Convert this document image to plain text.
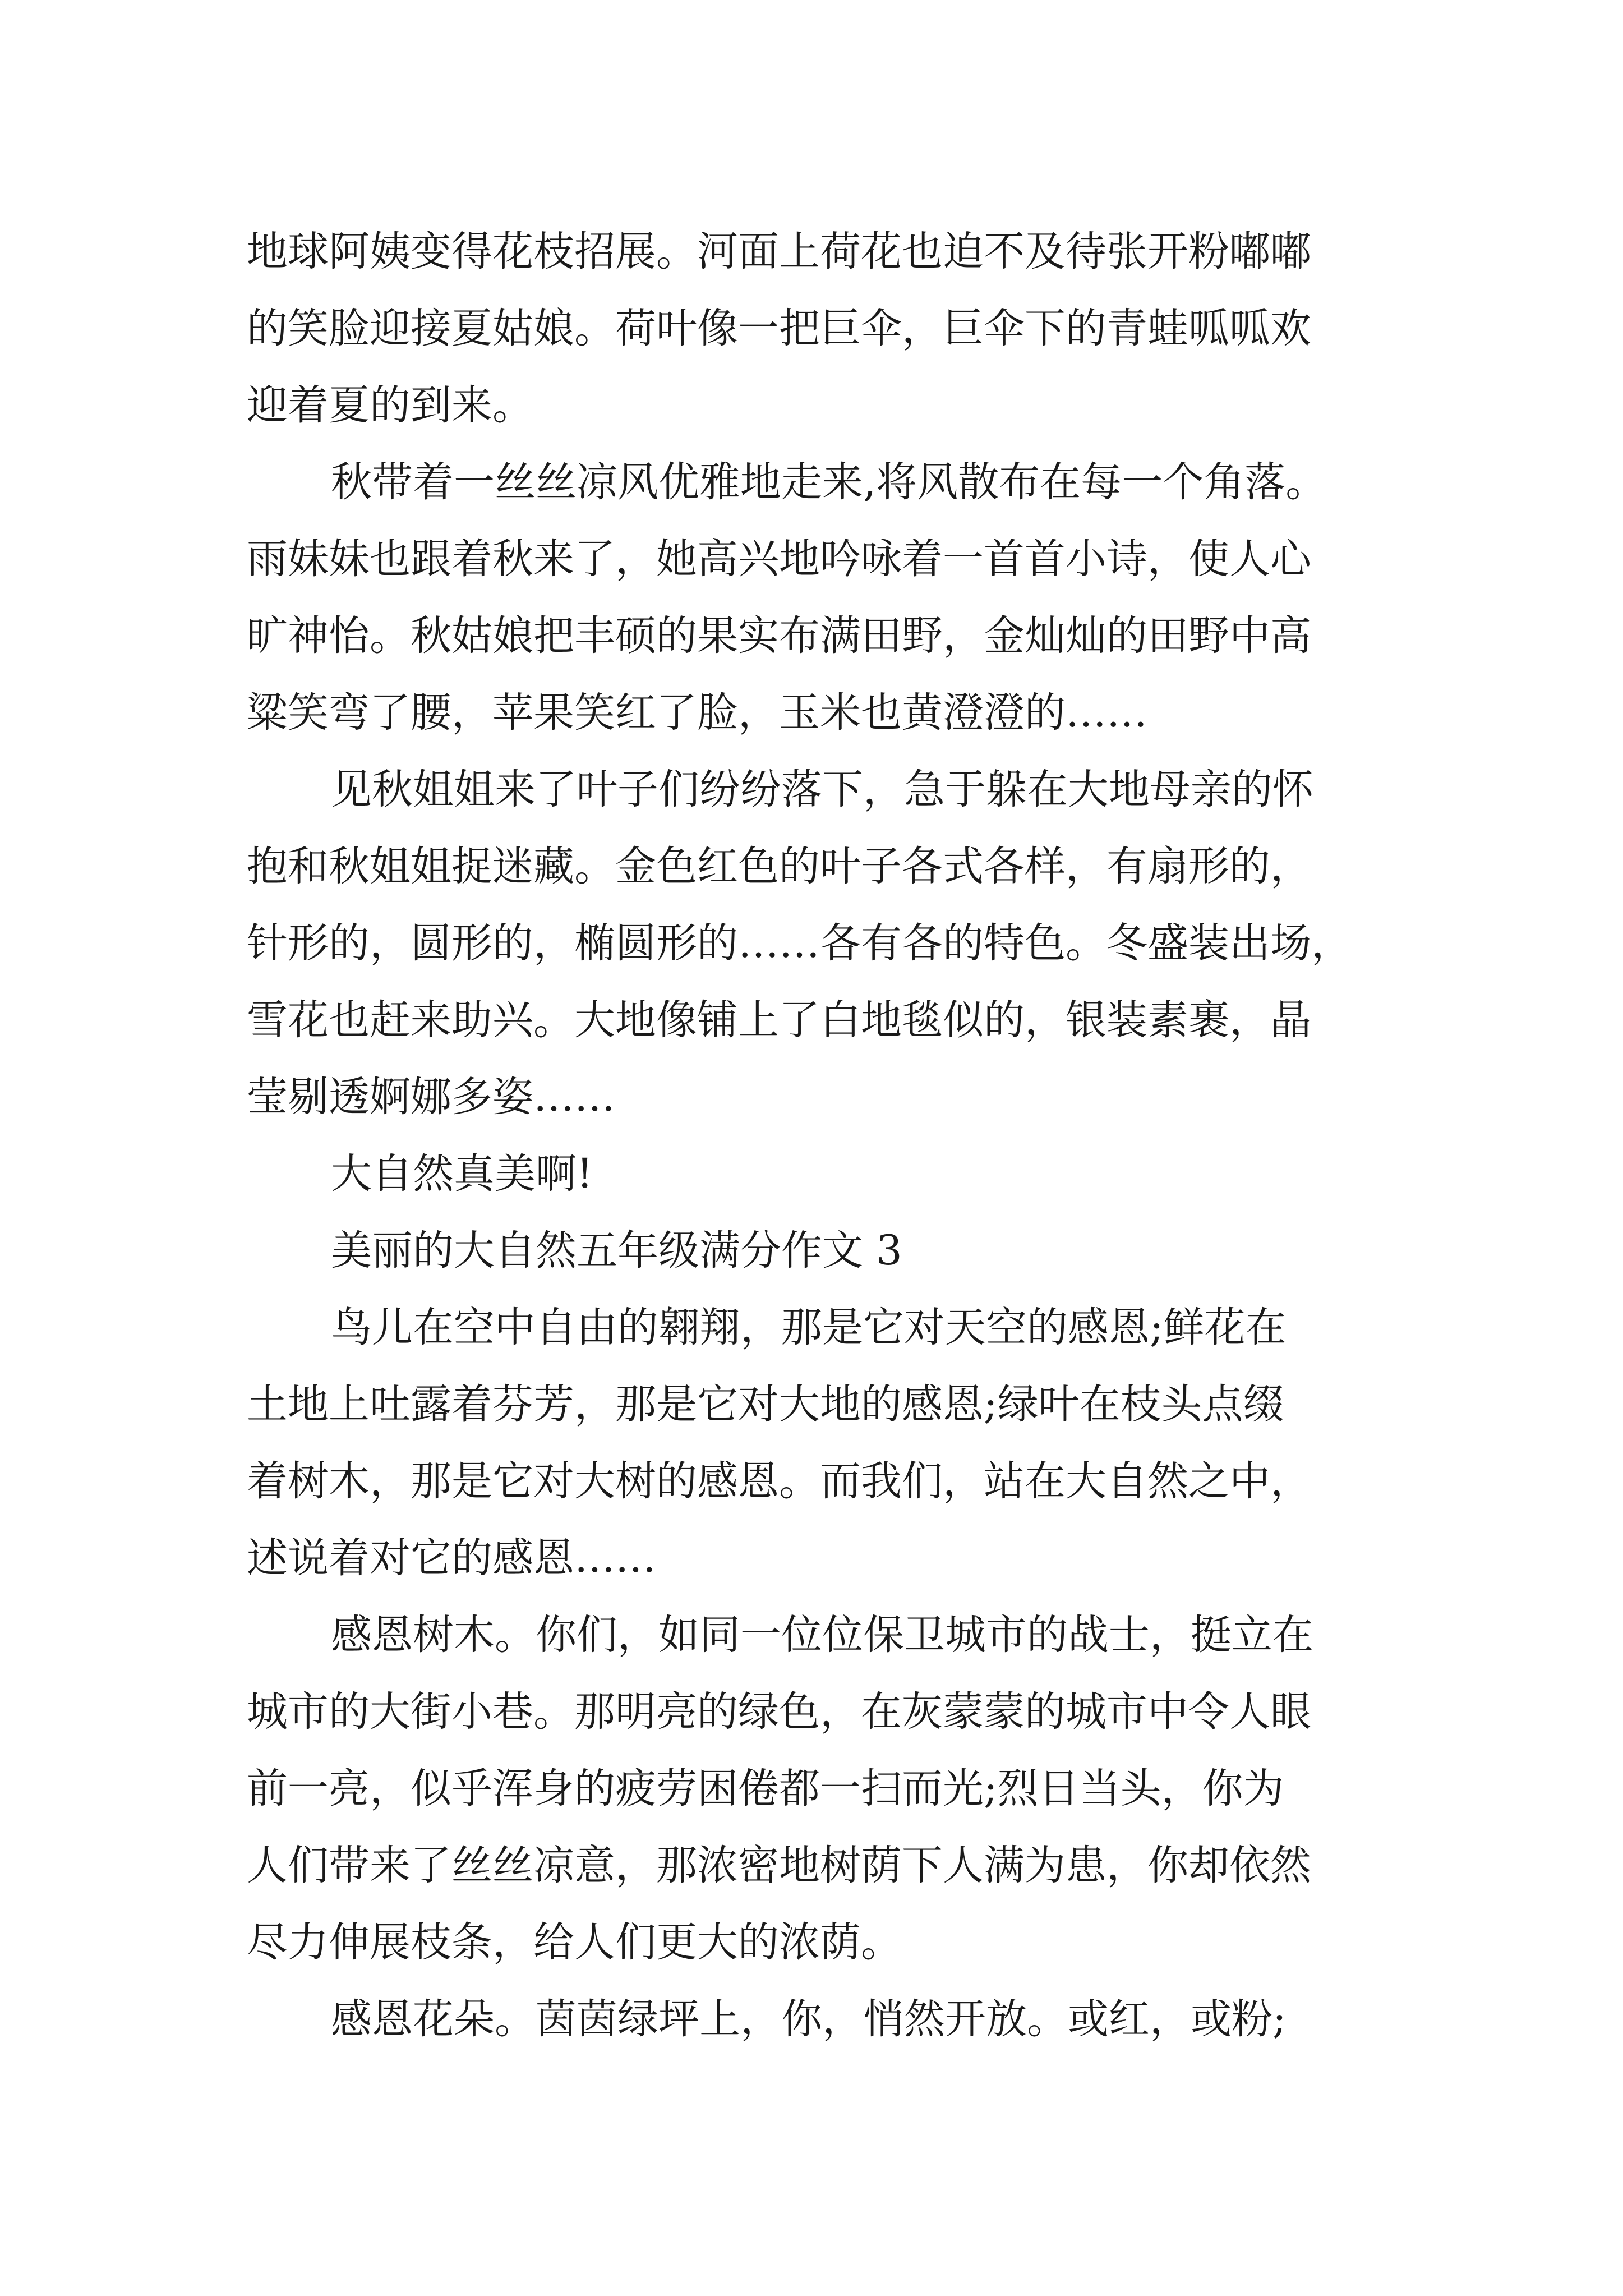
地球阿姨变得花枝招展。河面上荷花也迫不及待张开粉嘟嘟
的笑脸迎接夏姑娘。荷叶像一把巨伞，巨伞下的青蛙呱呱欢
迎着夏的到来。
秋带着一丝丝凉风优雅地走来,将风散布在每一个角落。
雨妹妹也跟着秋来了，她高兴地吟咏着一首首小诗，使人心
旷神怡。秋姑娘把丰硕的果实布满田野，金灿灿的田野中高
粱笑弯了腰，苹果笑红了脸，玉米也黄澄澄的……
见秋姐姐来了叶子们纷纷落下，急于躲在大地母亲的怀
抱和秋姐姐捉迷藏。金色红色的叶子各式各样，有扇形的，
针形的，圆形的，椭圆形的……各有各的特色。冬盛装出场，
雪花也赶来助兴。大地像铺上了白地毯似的，银装素裹，晶
莹剔透婀娜多姿……
大自然真美啊!
美丽的大自然五年级满分作文 3
鸟儿在空中自由的翱翔，那是它对天空的感恩;鲜花在
土地上吐露着芬芳，那是它对大地的感恩;绿叶在枝头点缀
着树木，那是它对大树的感恩。而我们，站在大自然之中，
述说着对它的感恩……
感恩树木。你们，如同一位位保卫城市的战士，挺立在
城市的大街小巷。那明亮的绿色，在灰蒙蒙的城市中令人眼
前一亮，似乎浑身的疲劳困倦都一扫而光;烈日当头，你为
人们带来了丝丝凉意，那浓密地树荫下人满为患，你却依然
尽力伸展枝条，给人们更大的浓荫。
感恩花朵。茵茵绿坪上，你，悄然开放。或红，或粉;
